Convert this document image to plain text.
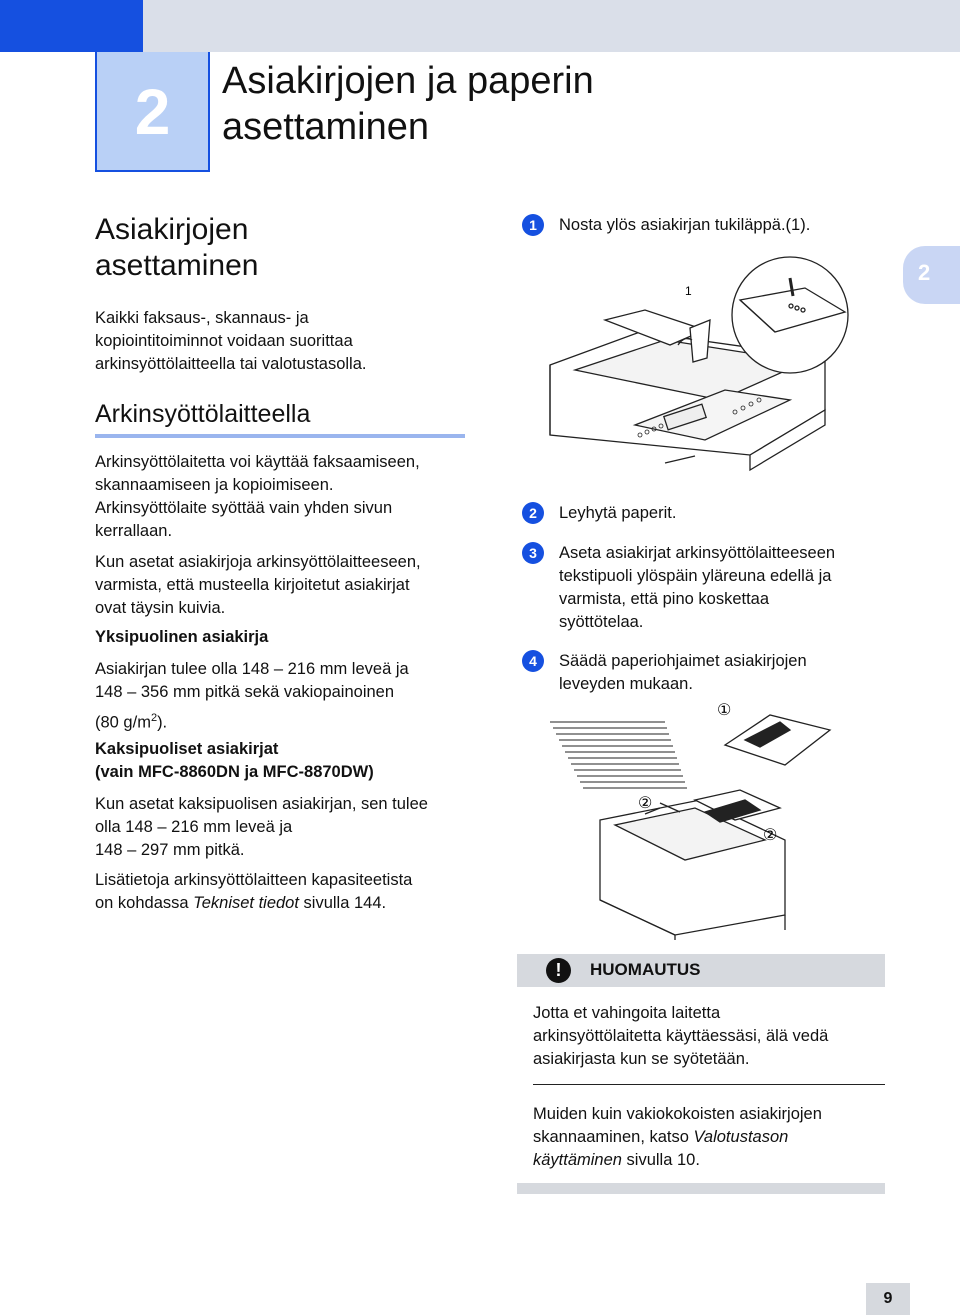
2	Asiakirjojen ja paperin
asettaminen
2
Asiakirjojen
asettaminen
Kaikki faksaus-, skannaus- ja
kopiointitoiminnot voidaan suorittaa
arkinsyöttölaitteella tai valotustasolla.
Arkinsyöttölaitteella
Arkinsyöttölaitetta voi käyttää faksaamiseen,
skannaamiseen ja kopioimiseen.
Arkinsyöttölaite syöttää vain yhden sivun
kerrallaan.
Kun asetat asiakirjoja arkinsyöttölaitteeseen,
varmista, että musteella kirjoitetut asiakirjat
ovat täysin kuivia.
Yksipuolinen asiakirja
Asiakirjan tulee olla 148 – 216 mm leveä ja
148 – 356 mm pitkä sekä vakiopainoinen
(80 $g/m^2$).
Kaksipuoliset asiakirjat
(vain MFC-8860DN ja MFC-8870DW)
Kun asetat kaksipuolisen asiakirjan, sen tulee
olla 148 – 216 mm leveä ja
148 – 297 mm pitkä.
Lisätietoja arkinsyöttölaitteen kapasiteetista
on kohdassa Tekniset tiedot sivulla 144.
1	Nosta ylös asiakirjan tukiläppä.(1).
1
2	Leyhytä paperit.
3	Aseta asiakirjat arkinsyöttölaitteeseen
tekstipuoli ylöspäin yläreuna edellä ja
varmista, että pino koskettaa
syöttötelaa.
4	Säädä paperiohjaimet asiakirjojen
leveyden mukaan.
①
②
②
!	HUOMAUTUS
Jotta et vahingoita laitetta
arkinsyöttölaitetta käyttäessäsi, älä vedä
asiakirjasta kun se syötetään.
Muiden kuin vakiokokoisten asiakirjojen
skannaaminen, katso Valotustason
käyttäminen sivulla 10.
9
